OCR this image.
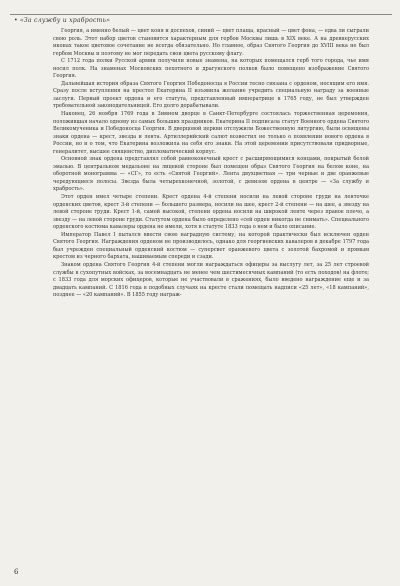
• «За службу и храбрость»

Георгия, а именно белый — цвет коня и доспехов, синий — цвет плаща, красный — цвет фона, — едва ли сыграли свою роль. Этот набор цветов становится характерным для гербов Москвы лишь в XIX веке. А на древнерусских иконах такое цветовое сочетание не всегда обязательно. Но главное, образ Святого Георгия до XVIII века не был гербом Москвы и поэтому не мог передать свои цвета русскому флагу.

С 1712 года полки Русской армии получили новые знамена, на которых помещался герб того города, чье имя носил полк. На знаменах Московских пехотного и драгунского полков было помещено изображение Святого Георгия.

Дальнейшая история образа Святого Георгия Победоносца в России тесно связана с орденом, носящим его имя. Сразу после вступления на престол Екатерина II изъявила желание учредить специальную награду за военные заслуги. Первый проект ордена и его статута, представленный императрице в 1765 году, не был утвержден требовательной законодательницей. Его долго дорабатывали.

Наконец, 26 ноября 1769 года в Зимнем дворце в Санкт-Петербурге состоялась торжественная церемония, положившая начало одному из самых больших праздников. Екатерина II подписала статут Военного ордена Святого Великомученика и Победоносца Георгия. В дворцовой церкви отслужили Божественную литургию, были освящены знаки ордена — крест, звезда и лента. Артиллерийский салют возвестил не только о появлении нового ордена в России, но и о том, что Екатерина возложила на себя его знаки. На этой церемонии присутствовали придворные, генералитет, высшее священство, дипломатический корпус.

Основной знак ордена представлял собой равноконечный крест с расширяющимися концами, покрытый белой эмалью. В центральном медальоне на лицевой стороне был помещен образ Святого Георгия на белом коне, на оборотной монограмма — «СГ», то есть «Святой Георгий». Лента двухцветная — три черные и две оранжевые чередующиеся полосы. Звезда была четырехконечной, золотой, с девизом ордена в центре — «За службу и храбрость».

Этот орден имел четыре степени. Крест ордена 4-й степени носили на левой стороне груди на ленточке орденских цветов, крест 3-й степени — большего размера, носили на шее, крест 2-й степени — на шее, а звезду на левой стороне груди. Крест 1-й, самой высокой, степени ордена носили на широкой ленте через правое плечо, а звезду — на левой стороне груди. Статутом ордена было определено «сей орден никогда не снимать». Специального орденского костюма кавалеры ордена не имели, хотя в статуте 1833 года о нем и было описание.

Император Павел I пытался ввести свою наградную систему, на которой практически был исключен орден Святого Георгия. Награждения орденом не производилось, однако для георгиевских кавалеров в декабре 1797 года был учрежден специальный орденский костюм — суперсвет оранжевого цвета с золотой бахромой и прямым крестом из черного бархата, нашиваемым спереди и сзади.

Знаком ордена Святого Георгия 4-й степени могли награждаться офицеры за выслугу лет, за 25 лет строевой службы в сухопутных войсках, за восемнадцать не менее чем шестимесячных кампаний (то есть походов) на флоте; с 1833 года для морских офицеров, которые не участвовали в сражениях, было введено награждение еще и за двадцать кампаний. С 1816 года в подобных случаях на кресте стали помещать надписи «25 лет», «18 кампаний», позднее — «20 кампаний». В 1855 году награж-

6
